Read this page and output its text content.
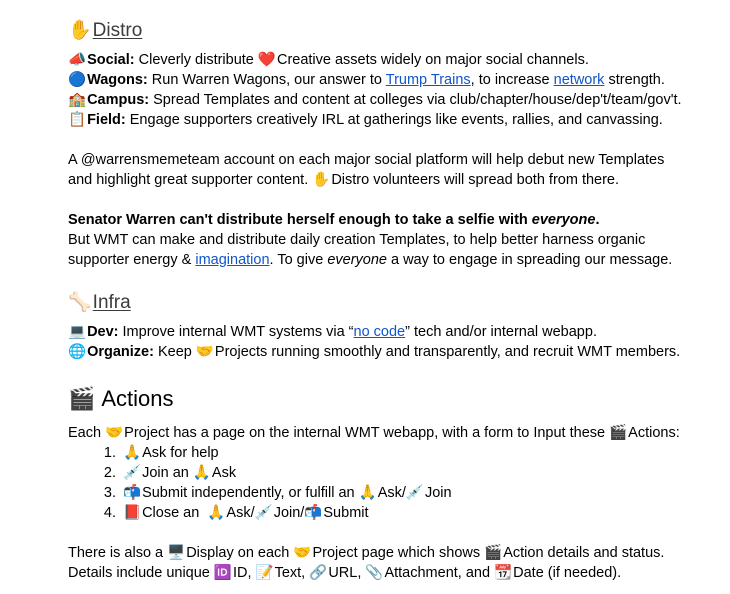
✋Distro
📣Social: Cleverly distribute ❤️Creative assets widely on major social channels.
🔵Wagons: Run Warren Wagons, our answer to Trump Trains, to increase network strength.
🏫Campus: Spread Templates and content at colleges via club/chapter/house/dep't/team/gov't.
📋Field: Engage supporters creatively IRL at gatherings like events, rallies, and canvassing.
A @warrensmemeteam account on each major social platform will help debut new Templates
and highlight great supporter content. ✋Distro volunteers will spread both from there.
Senator Warren can't distribute herself enough to take a selfie with everyone.
But WMT can make and distribute daily creation Templates, to help better harness organic
supporter energy & imagination. To give everyone a way to engage in spreading our message.
🦴Infra
💻Dev: Improve internal WMT systems via “no code” tech and/or internal webapp.
🌐Organize: Keep 🤝Projects running smoothly and transparently, and recruit WMT members.
🎬 Actions
Each 🤝Project has a page on the internal WMT webapp, with a form to Input these 🎬Actions:
1. 🙏Ask for help
2. 💉Join an 🙏Ask
3. 📬Submit independently, or fulfill an 🙏Ask/💉Join
4. 📕Close an  🙏Ask/💉Join/📬Submit
There is also a 🖥️Display on each 🤝Project page which shows 🎬Action details and status.
Details include unique 🆔ID, 📝Text, 🔗URL, 📎Attachment, and 📆Date (if needed).
